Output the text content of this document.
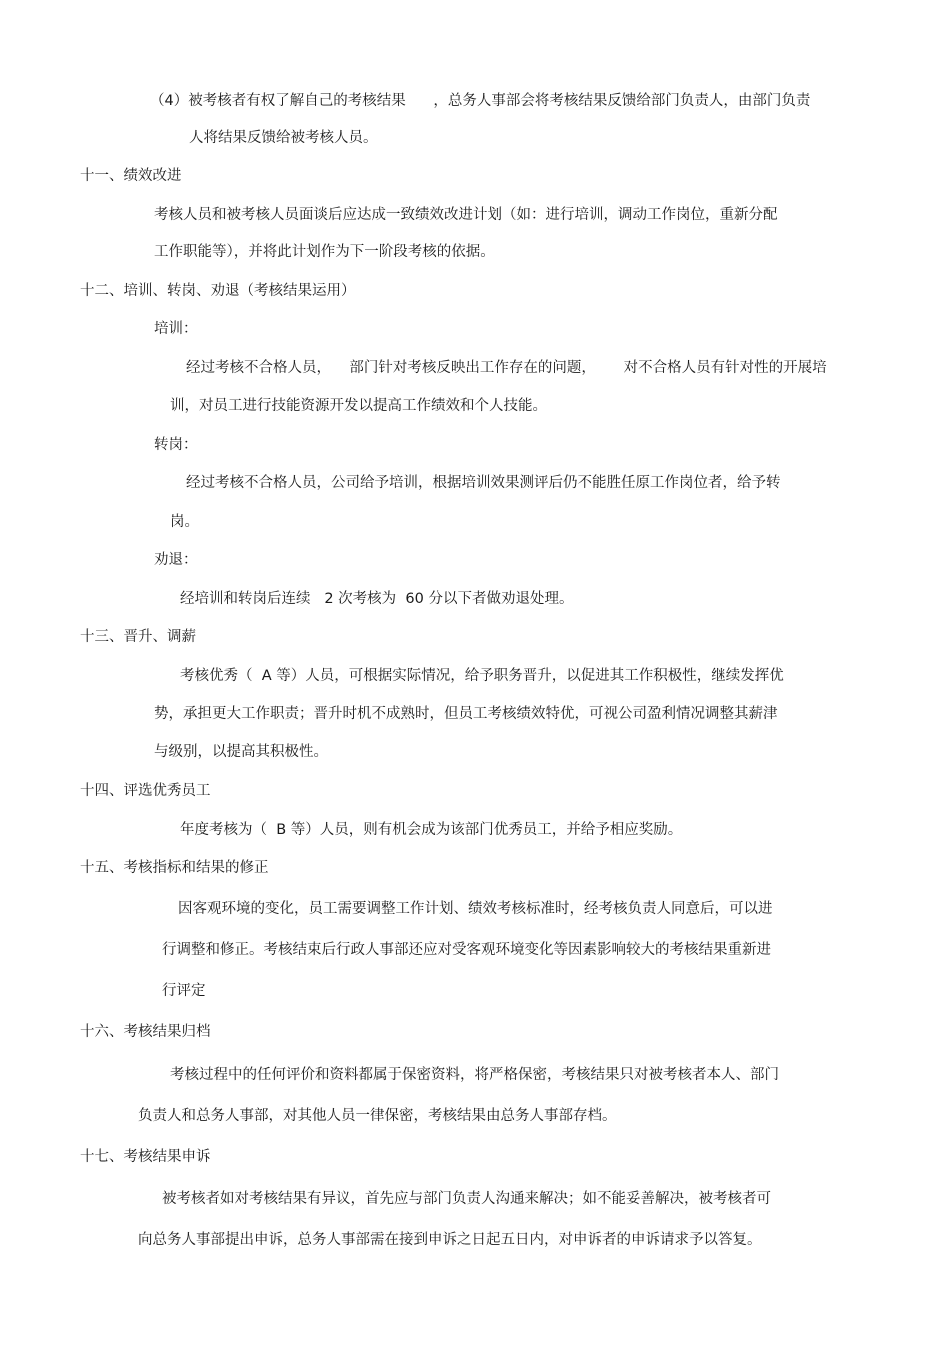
（4）被考核者有权了解自己的考核结果      ，总务人事部会将考核结果反馈给部门负责人，由部门负责
人将结果反馈给被考核人员。
十一、绩效改进
考核人员和被考核人员面谈后应达成一致绩效改进计划（如：进行培训，调动工作岗位，重新分配
工作职能等），并将此计划作为下一阶段考核的依据。
十二、培训、转岗、劝退（考核结果运用）
培训：
经过考核不合格人员，    部门针对考核反映出工作存在的问题，      对不合格人员有针对性的开展培
训，对员工进行技能资源开发以提高工作绩效和个人技能。
转岗：
经过考核不合格人员，公司给予培训，根据培训效果测评后仍不能胜任原工作岗位者，给予转
岗。
劝退：
经培训和转岗后连续   2 次考核为  60 分以下者做劝退处理。
十三、晋升、调薪
考核优秀（  A 等）人员，可根据实际情况，给予职务晋升，以促进其工作积极性，继续发挥优
势，承担更大工作职责；晋升时机不成熟时，但员工考核绩效特优，可视公司盈利情况调整其薪津
与级别，以提高其积极性。
十四、评选优秀员工
年度考核为（  B 等）人员，则有机会成为该部门优秀员工，并给予相应奖励。
十五、考核指标和结果的修正
因客观环境的变化，员工需要调整工作计划、绩效考核标准时，经考核负责人同意后，可以进
行调整和修正。考核结束后行政人事部还应对受客观环境变化等因素影响较大的考核结果重新进
行评定
十六、考核结果归档
考核过程中的任何评价和资料都属于保密资料，将严格保密，考核结果只对被考核者本人、部门
负责人和总务人事部，对其他人员一律保密，考核结果由总务人事部存档。
十七、考核结果申诉
被考核者如对考核结果有异议，首先应与部门负责人沟通来解决；如不能妥善解决，被考核者可
向总务人事部提出申诉，总务人事部需在接到申诉之日起五日内，对申诉者的申诉请求予以答复。
